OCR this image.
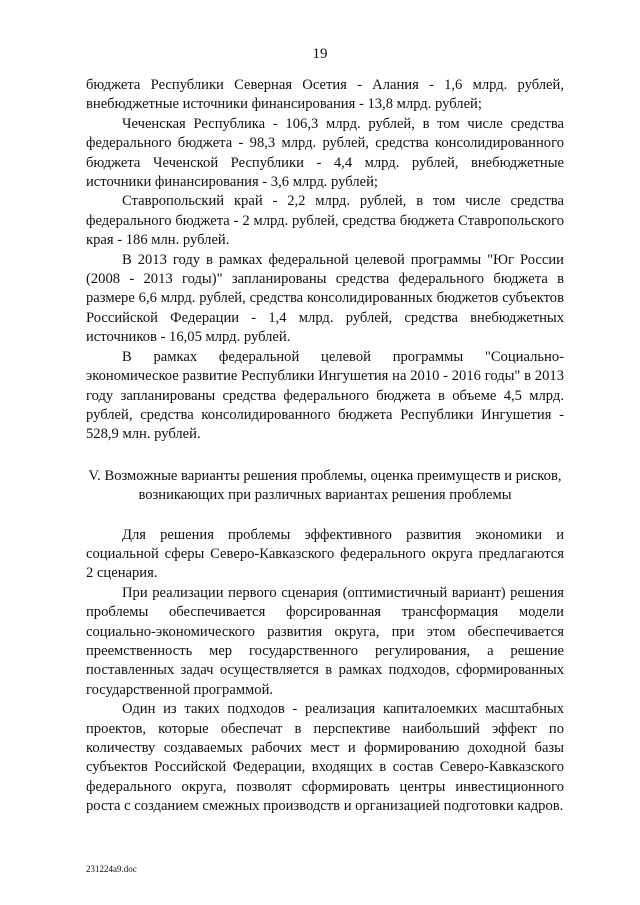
19

бюджета Республики Северная Осетия - Алания - 1,6 млрд. рублей, внебюджетные источники финансирования - 13,8 млрд. рублей;

Чеченская Республика - 106,3 млрд. рублей, в том числе средства федерального бюджета - 98,3 млрд. рублей, средства консолидированного бюджета Чеченской Республики - 4,4 млрд. рублей, внебюджетные источники финансирования - 3,6 млрд. рублей;

Ставропольский край - 2,2 млрд. рублей, в том числе средства федерального бюджета - 2 млрд. рублей, средства бюджета Ставропольского края - 186 млн. рублей.

В 2013 году в рамках федеральной целевой программы "Юг России (2008 - 2013 годы)" запланированы средства федерального бюджета в размере 6,6 млрд. рублей, средства консолидированных бюджетов субъектов Российской Федерации - 1,4 млрд. рублей, средства внебюджетных источников - 16,05 млрд. рублей.

В рамках федеральной целевой программы "Социально-экономическое развитие Республики Ингушетия на 2010 - 2016 годы" в 2013 году запланированы средства федерального бюджета в объеме 4,5 млрд. рублей, средства консолидированного бюджета Республики Ингушетия - 528,9 млн. рублей.

V. Возможные варианты решения проблемы, оценка преимуществ и рисков, возникающих при различных вариантах решения проблемы

Для решения проблемы эффективного развития экономики и социальной сферы Северо-Кавказского федерального округа предлагаются 2 сценария.

При реализации первого сценария (оптимистичный вариант) решения проблемы обеспечивается форсированная трансформация модели социально-экономического развития округа, при этом обеспечивается преемственность мер государственного регулирования, а решение поставленных задач осуществляется в рамках подходов, сформированных государственной программой.

Один из таких подходов - реализация капиталоемких масштабных проектов, которые обеспечат в перспективе наибольший эффект по количеству создаваемых рабочих мест и формированию доходной базы субъектов Российской Федерации, входящих в состав Северо-Кавказского федерального округа, позволят сформировать центры инвестиционного роста с созданием смежных производств и организацией подготовки кадров.

231224a9.doc
